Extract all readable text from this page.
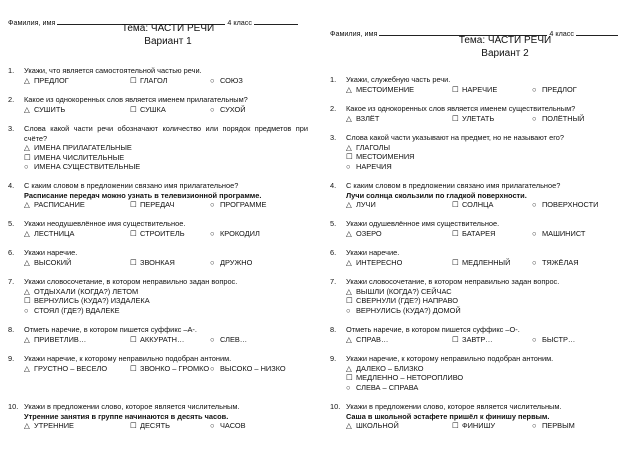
Фамилия, имя	4 класс
Тема: ЧАСТИ РЕЧИ
Вариант 1
1.	Укажи, что является самостоятельной частью речи.
△ ПРЕДЛОГ	☐ ГЛАГОЛ	○ СОЮЗ
2.	Какое из однокоренных слов является именем прилагательным?
△ СУШИТЬ	☐ СУШКА	○ СУХОЙ
3.	Слова какой части речи обозначают количество или порядок предметов при счёте?
△ ИМЕНА ПРИЛАГАТЕЛЬНЫЕ
☐ ИМЕНА ЧИСЛИТЕЛЬНЫЕ
○ ИМЕНА СУЩЕСТВИТЕЛЬНЫЕ
4.	С каким словом в предложении связано имя прилагательное?
Расписание передач можно узнать в телевизионной программе.
△ РАСПИСАНИЕ	☐ ПЕРЕДАЧ	○ ПРОГРАММЕ
5.	Укажи неодушевлённое имя существительное.
△ ЛЕСТНИЦА	☐ СТРОИТЕЛЬ	○ КРОКОДИЛ
6.	Укажи наречие.
△ ВЫСОКИЙ	☐ ЗВОНКАЯ	○ ДРУЖНО
7.	Укажи словосочетание, в котором неправильно задан вопрос.
△ ОТДЫХАЛИ (КОГДА?) ЛЕТОМ
☐ ВЕРНУЛИСЬ (КУДА?) ИЗДАЛЕКА
○ СТОЯЛ (ГДЕ?) ВДАЛЕКЕ
8.	Отметь наречие, в котором пишется суффикс –А-.
△ ПРИВЕТЛИВ…	☐ АККУРАТН…	○ СЛЕВ…
9.	Укажи наречие, к которому неправильно подобран антоним.
△ ГРУСТНО – ВЕСЕЛО	☐ ЗВОНКО – ГРОМКО ○ ВЫСОКО – НИЗКО
10. Укажи в предложении слово, которое является числительным.
Утренние занятия в группе начинаются в десять часов.
△ УТРЕННИЕ	☐ ДЕСЯТЬ	○ ЧАСОВ
Фамилия, имя	4 класс
Тема: ЧАСТИ РЕЧИ
Вариант 2
1.	Укажи, служебную часть речи.
△ МЕСТОИМЕНИЕ	☐ НАРЕЧИЕ	○ ПРЕДЛОГ
2.	Какое из однокоренных слов является именем существительным?
△ ВЗЛЁТ	☐ УЛЕТАТЬ	○ ПОЛЁТНЫЙ
3.	Слова какой части указывают на предмет, но не называют его?
△ ГЛАГОЛЫ
☐ МЕСТОИМЕНИЯ
○ НАРЕЧИЯ
4.	С каким словом в предложении связано имя прилагательное?
Лучи солнца скользили по гладкой поверхности.
△ ЛУЧИ	☐ СОЛНЦА	○ ПОВЕРХНОСТИ
5.	Укажи одушевлённое имя существительное.
△ ОЗЕРО	☐ БАТАРЕЯ	○ МАШИНИСТ
6.	Укажи наречие.
△ ИНТЕРЕСНО	☐ МЕДЛЕННЫЙ	○ ТЯЖЁЛАЯ
7.	Укажи словосочетание, в котором неправильно задан вопрос.
△ ВЫШЛИ (КОГДА?) СЕЙЧАС
☐ СВЕРНУЛИ (ГДЕ?) НАПРАВО
○ ВЕРНУЛИСЬ (КУДА?) ДОМОЙ
8.	Отметь наречие, в котором пишется суффикс –О-.
△ СПРАВ…	☐ ЗАВТР…	○ БЫСТР…
9.	Укажи наречие, к которому неправильно подобран антоним.
△ ДАЛЕКО – БЛИЗКО
☐ МЕДЛЕННО – НЕТОРОПЛИВО
○ СЛЕВА – СПРАВА
10. Укажи в предложении слово, которое является числительным.
Саша в школьной эстафете пришёл к финишу первым.
△ ШКОЛЬНОЙ	☐ ФИНИШУ	○ ПЕРВЫМ
